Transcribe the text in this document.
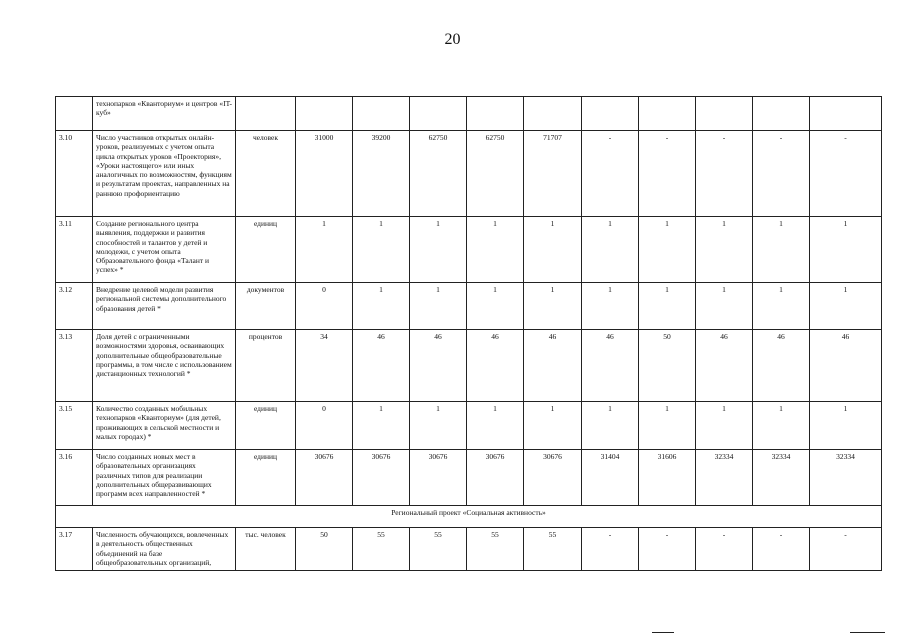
20
	технопарков «Кванториум» и центров «IT-куб»											
3.10	Число участников открытых онлайн-уроков, реализуемых с учетом опыта цикла открытых уроков «Проектория», «Уроки настоящего» или иных аналогичных по возможностям, функциям и результатам проектах, направленных на раннюю профориентацию	человек	31000	39200	62750	62750	71707	-	-	-	-	-
3.11	Создание регионального центра выявления, поддержки и развития способностей и талантов у детей и молодежи, с учетом опыта Образовательного фонда «Талант и успех» *	единиц	1	1	1	1	1	1	1	1	1	1
3.12	Внедрение целевой модели развития региональной системы дополнительного образования детей *	документов	0	1	1	1	1	1	1	1	1	1
3.13	Доля детей с ограниченными возможностями здоровья, осваивающих дополнительные общеобразовательные программы, в том числе с использованием дистанционных технологий *	процентов	34	46	46	46	46	46	50	46	46	46
3.15	Количество созданных мобильных технопарков «Кванториум» (для детей, проживающих в сельской местности и малых городах) *	единиц	0	1	1	1	1	1	1	1	1	1
3.16	Число созданных новых мест в образовательных организациях различных типов для реализации дополнительных общеразвивающих программ всех направленностей *	единиц	30676	30676	30676	30676	30676	31404	31606	32334	32334	32334
Региональный проект «Социальная активность»												
3.17	Численность обучающихся, вовлеченных в деятельность общественных объединений на базе общеобразовательных организаций,	тыс. человек	50	55	55	55	55	-	-	-	-	-
